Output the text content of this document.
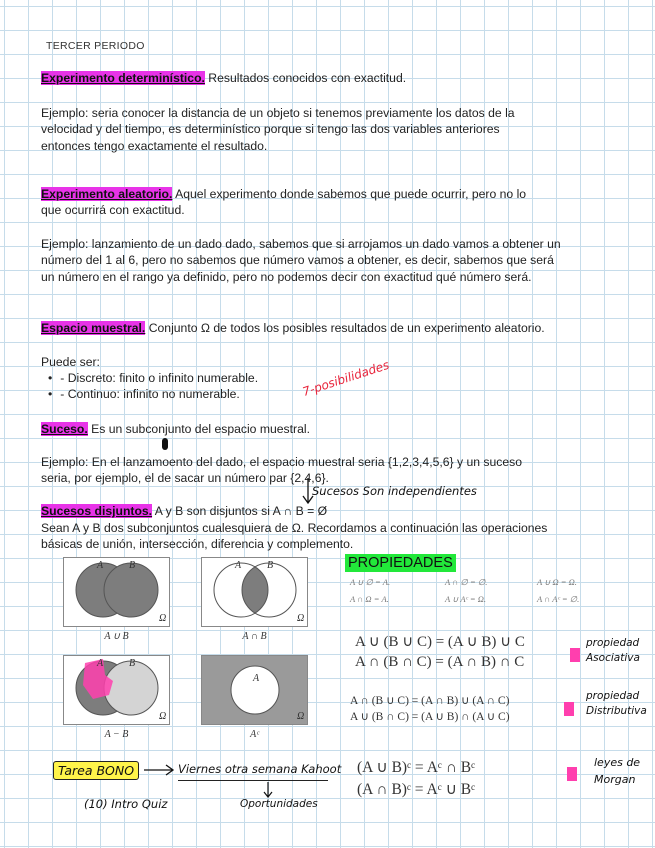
TERCER PERIODO
Experimento determinístico. Resultados conocidos con exactitud.
Ejemplo: seria conocer la distancia de un objeto si tenemos previamente los datos de la velocidad y del tiempo, es determinístico porque si tengo las dos variables anteriores entonces tengo exactamente el resultado.
Experimento aleatorio. Aquel experimento donde sabemos que puede ocurrir, pero no lo que ocurrirá con exactitud.
Ejemplo: lanzamiento de un dado dado, sabemos que si arrojamos un dado vamos a obtener un número del 1 al 6, pero no sabemos que número vamos a obtener, es decir, sabemos que será un número en el rango ya definido, pero no podemos decir con exactitud qué número será.
Espacio muestral. Conjunto Ω de todos los posibles resultados de un experimento aleatorio.
Puede ser:
• - Discreto: finito o infinito numerable.
• - Continuo: infinito no numerable.	7-posibilidades
Suceso. Es un subconjunto del espacio muestral.
Ejemplo: En el lanzamoento del dado, el espacio muestral seria {1,2,3,4,5,6} y un suceso seria, por ejemplo, el de sacar un número par {2,4,6}.
Sucesos Son independientes
Sucesos disjuntos. A y B son disjuntos si A ∩ B = Ø
Sean A y B dos subconjuntos cualesquiera de Ω. Recordamos a continuación las operaciones básicas de unión, intersección, diferencia y complemento.
A	B
Ω
A ∪ B
A	B
Ω
A ∩ B
A	B
Ω
A − B
A
Ω
Aᶜ
PROPIEDADES
A ∪ ∅ = A.	A ∩ ∅ = ∅.	A ∪ Ω = Ω.
A ∩ Ω = A.	A ∪ Aᶜ = Ω.	A ∩ Aᶜ = ∅.
A ∪ (B ∪ C) = (A ∪ B) ∪ C
A ∩ (B ∩ C) = (A ∩ B) ∩ C
propiedad Asociativa
A ∩ (B ∪ C) = (A ∩ B) ∪ (A ∩ C)
A ∪ (B ∩ C) = (A ∪ B) ∩ (A ∪ C)
propiedad Distributiva
(A ∪ B)ᶜ = Aᶜ ∩ Bᶜ
(A ∩ B)ᶜ = Aᶜ ∪ Bᶜ
leyes de Morgan
Tarea BONO	Viernes otra semana Kahoot
(10) Intro Quiz	Oportunidades
